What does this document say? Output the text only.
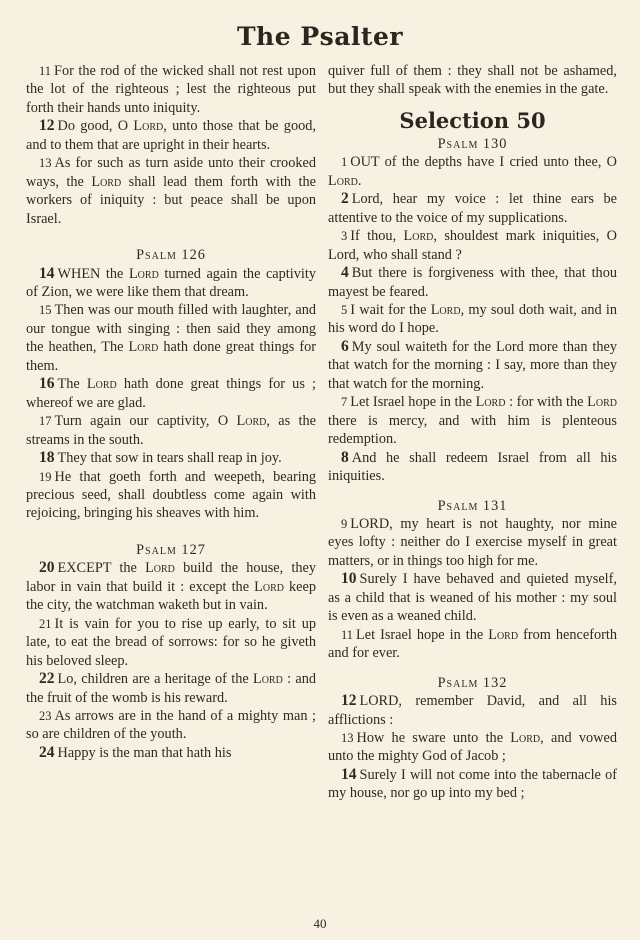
The Psalter

11 For the rod of the wicked shall not rest upon the lot of the righteous ; lest the righteous put forth their hands unto iniquity.

12 Do good, O Lord, unto those that be good, and to them that are upright in their hearts.

13 As for such as turn aside unto their crooked ways, the Lord shall lead them forth with the workers of iniquity : but peace shall be upon Israel.

Psalm 126

14 WHEN the Lord turned again the captivity of Zion, we were like them that dream.

15 Then was our mouth filled with laughter, and our tongue with singing : then said they among the heathen, The Lord hath done great things for them.

16 The Lord hath done great things for us ; whereof we are glad.

17 Turn again our captivity, O Lord, as the streams in the south.

18 They that sow in tears shall reap in joy.

19 He that goeth forth and weepeth, bearing precious seed, shall doubtless come again with rejoicing, bringing his sheaves with him.

Psalm 127

20 EXCEPT the Lord build the house, they labor in vain that build it : except the Lord keep the city, the watchman waketh but in vain.

21 It is vain for you to rise up early, to sit up late, to eat the bread of sorrows: for so he giveth his beloved sleep.

22 Lo, children are a heritage of the Lord : and the fruit of the womb is his reward.

23 As arrows are in the hand of a mighty man ; so are children of the youth.

24 Happy is the man that hath his

quiver full of them : they shall not be ashamed, but they shall speak with the enemies in the gate.

Selection 50

Psalm 130

1 OUT of the depths have I cried unto thee, O Lord.

2 Lord, hear my voice : let thine ears be attentive to the voice of my supplications.

3 If thou, Lord, shouldest mark iniquities, O Lord, who shall stand ?

4 But there is forgiveness with thee, that thou mayest be feared.

5 I wait for the Lord, my soul doth wait, and in his word do I hope.

6 My soul waiteth for the Lord more than they that watch for the morning : I say, more than they that watch for the morning.

7 Let Israel hope in the Lord : for with the Lord there is mercy, and with him is plenteous redemption.

8 And he shall redeem Israel from all his iniquities.

Psalm 131

9 LORD, my heart is not haughty, nor mine eyes lofty : neither do I exercise myself in great matters, or in things too high for me.

10 Surely I have behaved and quieted myself, as a child that is weaned of his mother : my soul is even as a weaned child.

11 Let Israel hope in the Lord from henceforth and for ever.

Psalm 132

12 LORD, remember David, and all his afflictions :

13 How he sware unto the Lord, and vowed unto the mighty God of Jacob ;

14 Surely I will not come into the tabernacle of my house, nor go up into my bed ;

40
